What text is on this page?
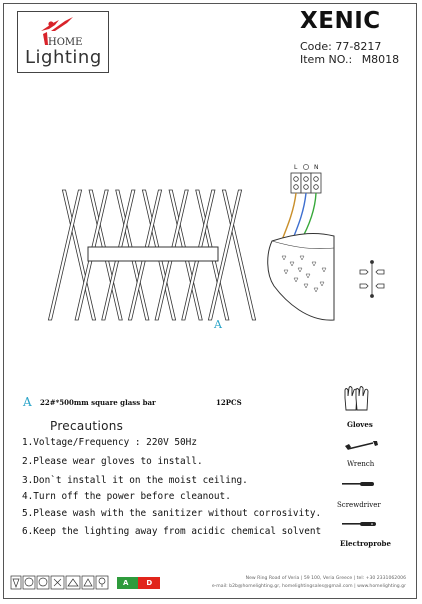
HOME
Lighting
XENIC
Code: 77-8217
Item NO.: M8018
L	N
A
A 22#*500mm square glass bar	12PCS
Precautions
1.Voltage/Frequency : 220V 50Hz
2.Please wear gloves to install.
3.Don`t install it on the moist ceiling.
4.Turn off the power before cleanout.
5.Please wash with the sanitizer without corrosivity.
6.Keep the lighting away from acidic chemical solvent
Gloves
Wrench
Screwdriver
Electroprobe
A	D
New Ring Road of Veria | 59 100, Veria Greece | tel: +30 2331062006
e-mail: b2b@homelighting.gr, homelightingsales@gmail.com | www.homelighting.gr
